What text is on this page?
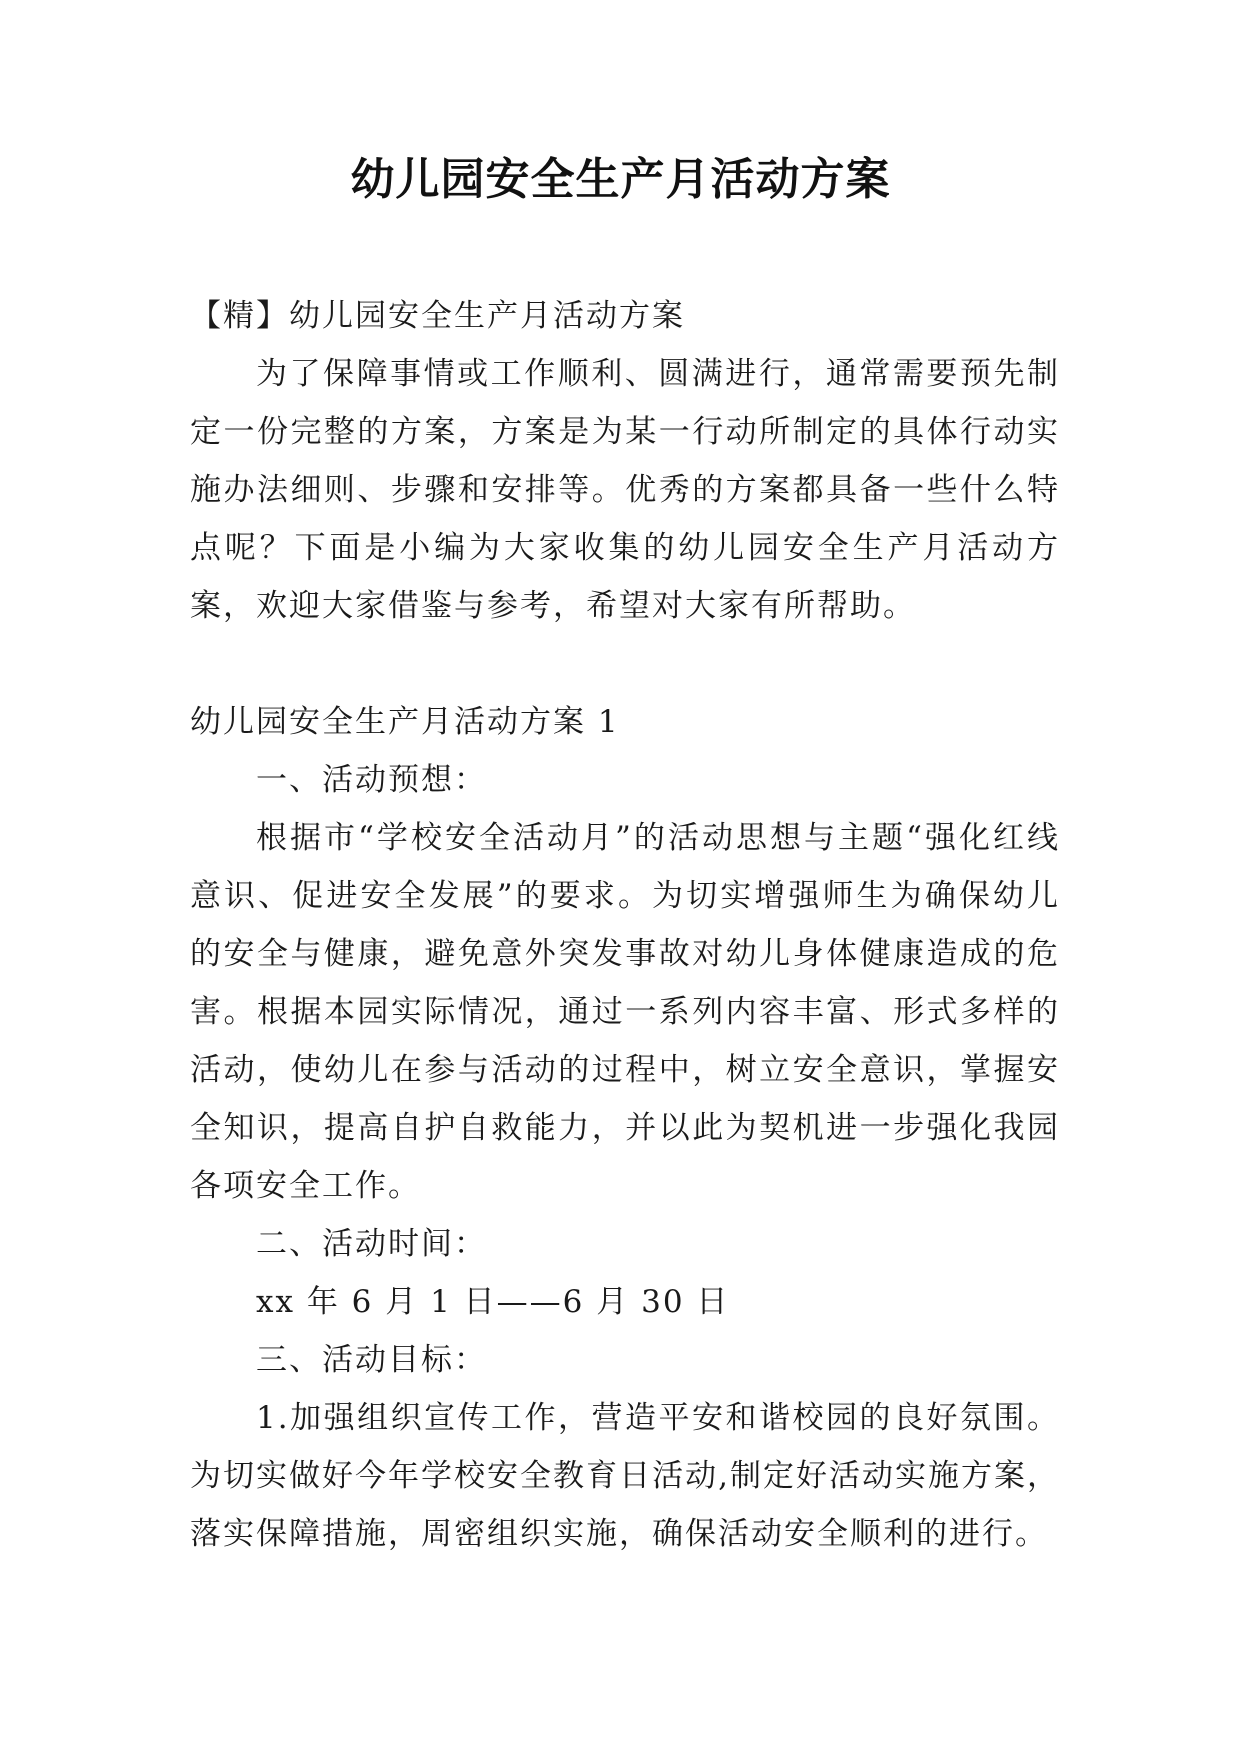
幼儿园安全生产月活动方案

【精】幼儿园安全生产月活动方案

为了保障事情或工作顺利、圆满进行，通常需要预先制定一份完整的方案，方案是为某一行动所制定的具体行动实施办法细则、步骤和安排等。优秀的方案都具备一些什么特点呢？下面是小编为大家收集的幼儿园安全生产月活动方案，欢迎大家借鉴与参考，希望对大家有所帮助。

幼儿园安全生产月活动方案 1

一、活动预想：

根据市“学校安全活动月”的活动思想与主题“强化红线意识、促进安全发展”的要求。为切实增强师生为确保幼儿的安全与健康，避免意外突发事故对幼儿身体健康造成的危害。根据本园实际情况，通过一系列内容丰富、形式多样的活动，使幼儿在参与活动的过程中，树立安全意识，掌握安全知识，提高自护自救能力，并以此为契机进一步强化我园各项安全工作。

二、活动时间：

xx 年 6 月 1 日——6 月 30 日

三、活动目标：

1.加强组织宣传工作，营造平安和谐校园的良好氛围。为切实做好今年学校安全教育日活动,制定好活动实施方案，落实保障措施，周密组织实施，确保活动安全顺利的进行。
